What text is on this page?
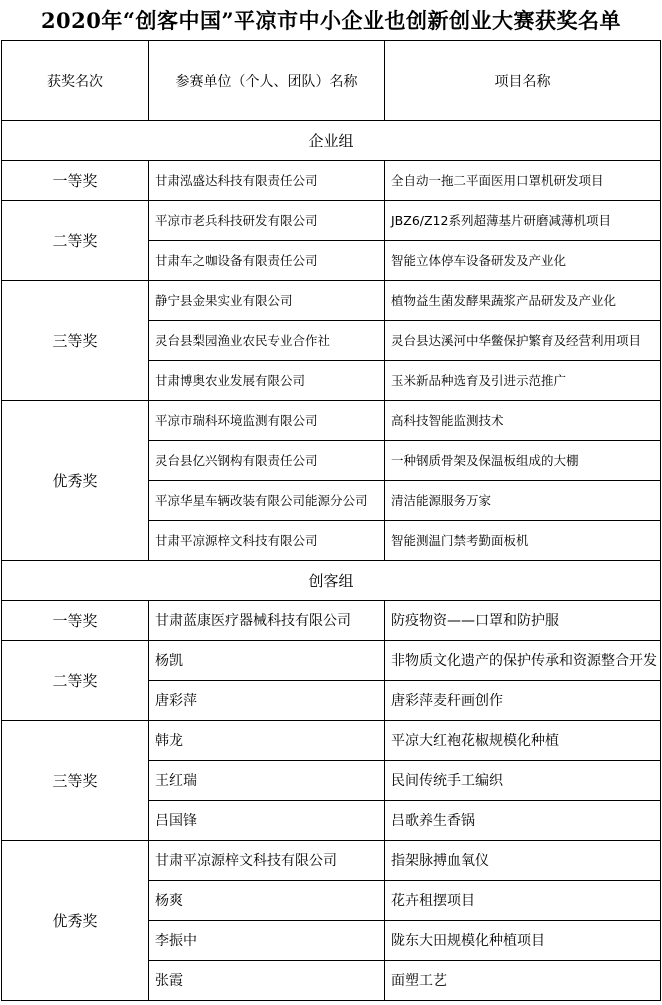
2020年“创客中国”平凉市中小企业也创新创业大赛获奖名单
获奖名次	参赛单位（个人、团队）名称	项目名称
企业组		
一等奖	甘肃泓盛达科技有限责任公司	全自动一拖二平面医用口罩机研发项目
二等奖	平凉市老兵科技研发有限公司	JBZ6/Z12系列超薄基片研磨减薄机项目
	甘肃车之咖设备有限责任公司	智能立体停车设备研发及产业化
三等奖	静宁县金果实业有限公司	植物益生菌发酵果蔬浆产品研发及产业化
	灵台县梨园渔业农民专业合作社	灵台县达溪河中华鳖保护繁育及经营利用项目
	甘肃博奥农业发展有限公司	玉米新品种选育及引进示范推广
优秀奖	平凉市瑞科环境监测有限公司	高科技智能监测技术
	灵台县亿兴钢构有限责任公司	一种钢质骨架及保温板组成的大棚
	平凉华星车辆改装有限公司能源分公司	清洁能源服务万家
	甘肃平凉源梓文科技有限公司	智能测温门禁考勤面板机
创客组		
一等奖	甘肃蓝康医疗器械科技有限公司	防疫物资——口罩和防护服
二等奖	杨凯	非物质文化遗产的保护传承和资源整合开发
	唐彩萍	唐彩萍麦秆画创作
三等奖	韩龙	平凉大红袍花椒规模化种植
	王红瑞	民间传统手工编织
	吕国锋	吕歌养生香锅
优秀奖	甘肃平凉源梓文科技有限公司	指架脉搏血氧仪
	杨爽	花卉租摆项目
	李振中	陇东大田规模化种植项目
	张霞	面塑工艺
